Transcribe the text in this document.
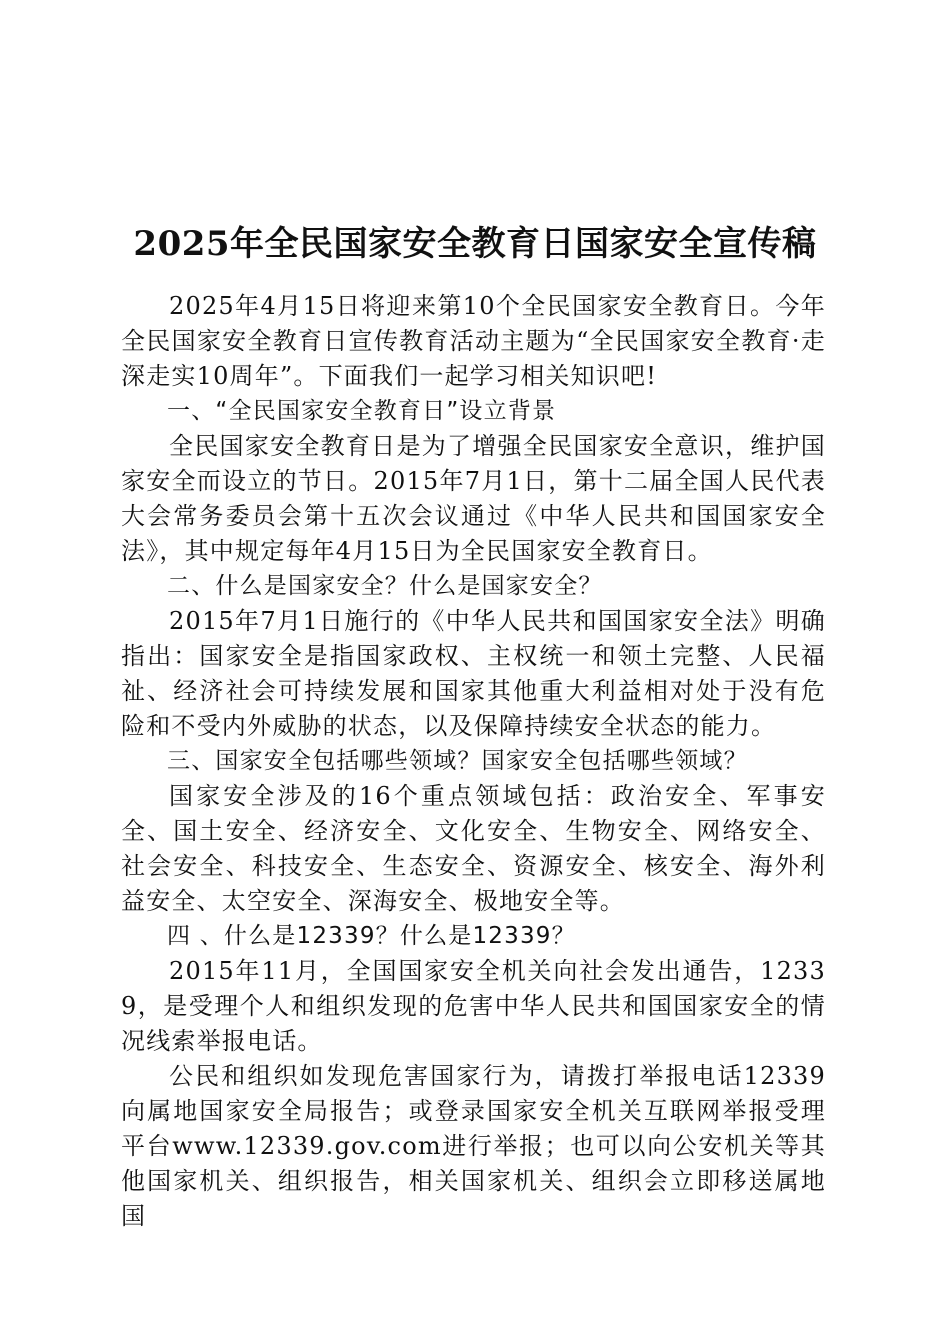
2025年全民国家安全教育日国家安全宣传稿

2025年4月15日将迎来第10个全民国家安全教育日。今年全民国家安全教育日宣传教育活动主题为“全民国家安全教育·走深走实10周年”。下面我们一起学习相关知识吧!

一、“全民国家安全教育日”设立背景

全民国家安全教育日是为了增强全民国家安全意识，维护国家安全而设立的节日。2015年7月1日，第十二届全国人民代表大会常务委员会第十五次会议通过《中华人民共和国国家安全法》，其中规定每年4月15日为全民国家安全教育日。

二、什么是国家安全？什么是国家安全？

2015年7月1日施行的《中华人民共和国国家安全法》明确指出：国家安全是指国家政权、主权统一和领土完整、人民福祉、经济社会可持续发展和国家其他重大利益相对处于没有危险和不受内外威胁的状态，以及保障持续安全状态的能力。

三、国家安全包括哪些领域？国家安全包括哪些领域？

国家安全涉及的16个重点领域包括：政治安全、军事安全、国土安全、经济安全、文化安全、生物安全、网络安全、社会安全、科技安全、生态安全、资源安全、核安全、海外利益安全、太空安全、深海安全、极地安全等。

四 、什么是12339？什么是12339？

2015年11月，全国国家安全机关向社会发出通告，12339，是受理个人和组织发现的危害中华人民共和国国家安全的情况线索举报电话。

公民和组织如发现危害国家行为，请拨打举报电话12339向属地国家安全局报告；或登录国家安全机关互联网举报受理平台www.12339.gov.com进行举报；也可以向公安机关等其他国家机关、组织报告，相关国家机关、组织会立即移送属地国
